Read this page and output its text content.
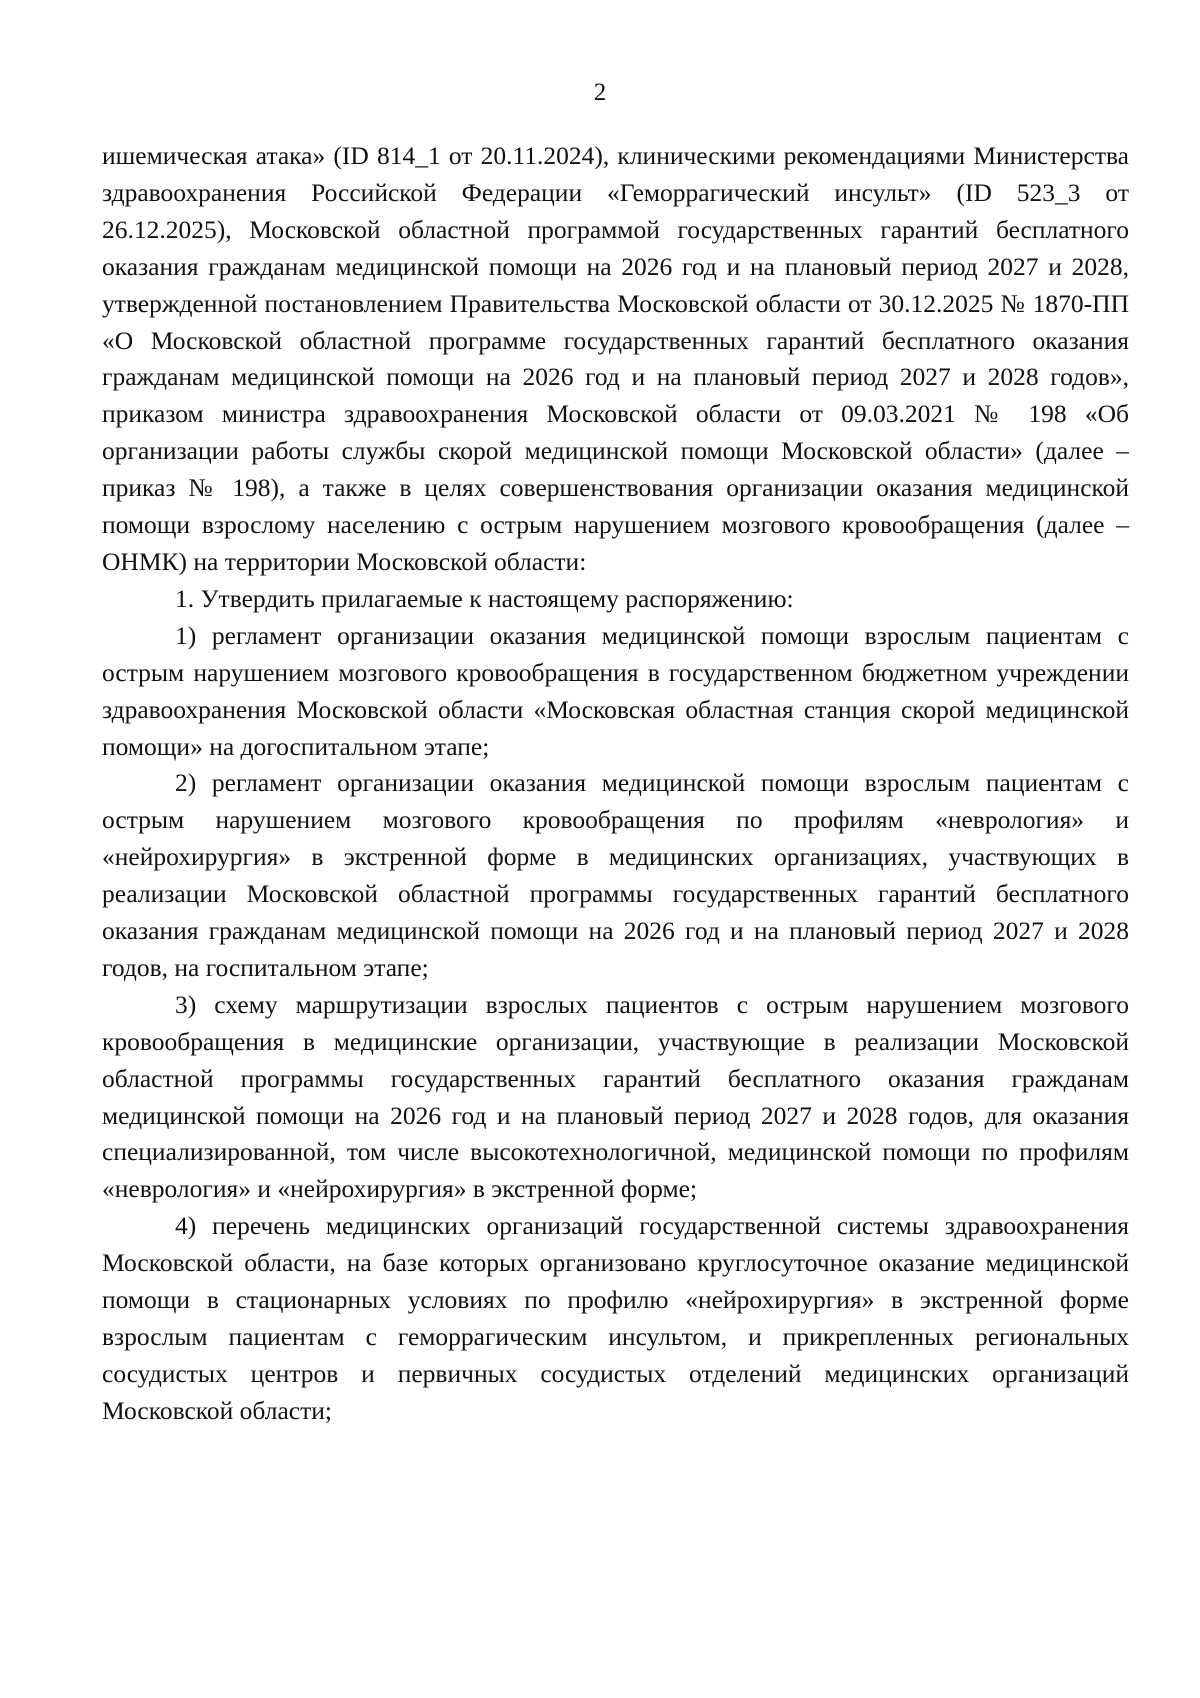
2

ишемическая атака» (ID 814_1 от 20.11.2024), клиническими рекомендациями Министерства здравоохранения Российской Федерации «Геморрагический инсульт» (ID 523_3 от 26.12.2025), Московской областной программой государственных гарантий бесплатного оказания гражданам медицинской помощи на 2026 год и на плановый период 2027 и 2028, утвержденной постановлением Правительства Московской области от 30.12.2025 № 1870-ПП «О Московской областной программе государственных гарантий бесплатного оказания гражданам медицинской помощи на 2026 год и на плановый период 2027 и 2028 годов», приказом министра здравоохранения Московской области от 09.03.2021 № 198 «Об организации работы службы скорой медицинской помощи Московской области» (далее – приказ № 198), а также в целях совершенствования организации оказания медицинской помощи взрослому населению с острым нарушением мозгового кровообращения (далее – ОНМК) на территории Московской области:

1. Утвердить прилагаемые к настоящему распоряжению:

1) регламент организации оказания медицинской помощи взрослым пациентам с острым нарушением мозгового кровообращения в государственном бюджетном учреждении здравоохранения Московской области «Московская областная станция скорой медицинской помощи» на догоспитальном этапе;

2) регламент организации оказания медицинской помощи взрослым пациентам с острым нарушением мозгового кровообращения по профилям «неврология» и «нейрохирургия» в экстренной форме в медицинских организациях, участвующих в реализации Московской областной программы государственных гарантий бесплатного оказания гражданам медицинской помощи на 2026 год и на плановый период 2027 и 2028 годов, на госпитальном этапе;

3) схему маршрутизации взрослых пациентов с острым нарушением мозгового кровообращения в медицинские организации, участвующие в реализации Московской областной программы государственных гарантий бесплатного оказания гражданам медицинской помощи на 2026 год и на плановый период 2027 и 2028 годов, для оказания специализированной, том числе высокотехнологичной, медицинской помощи по профилям «неврология» и «нейрохирургия» в экстренной форме;

4) перечень медицинских организаций государственной системы здравоохранения Московской области, на базе которых организовано круглосуточное оказание медицинской помощи в стационарных условиях по профилю «нейрохирургия» в экстренной форме взрослым пациентам с геморрагическим инсультом, и прикрепленных региональных сосудистых центров и первичных сосудистых отделений медицинских организаций Московской области;
